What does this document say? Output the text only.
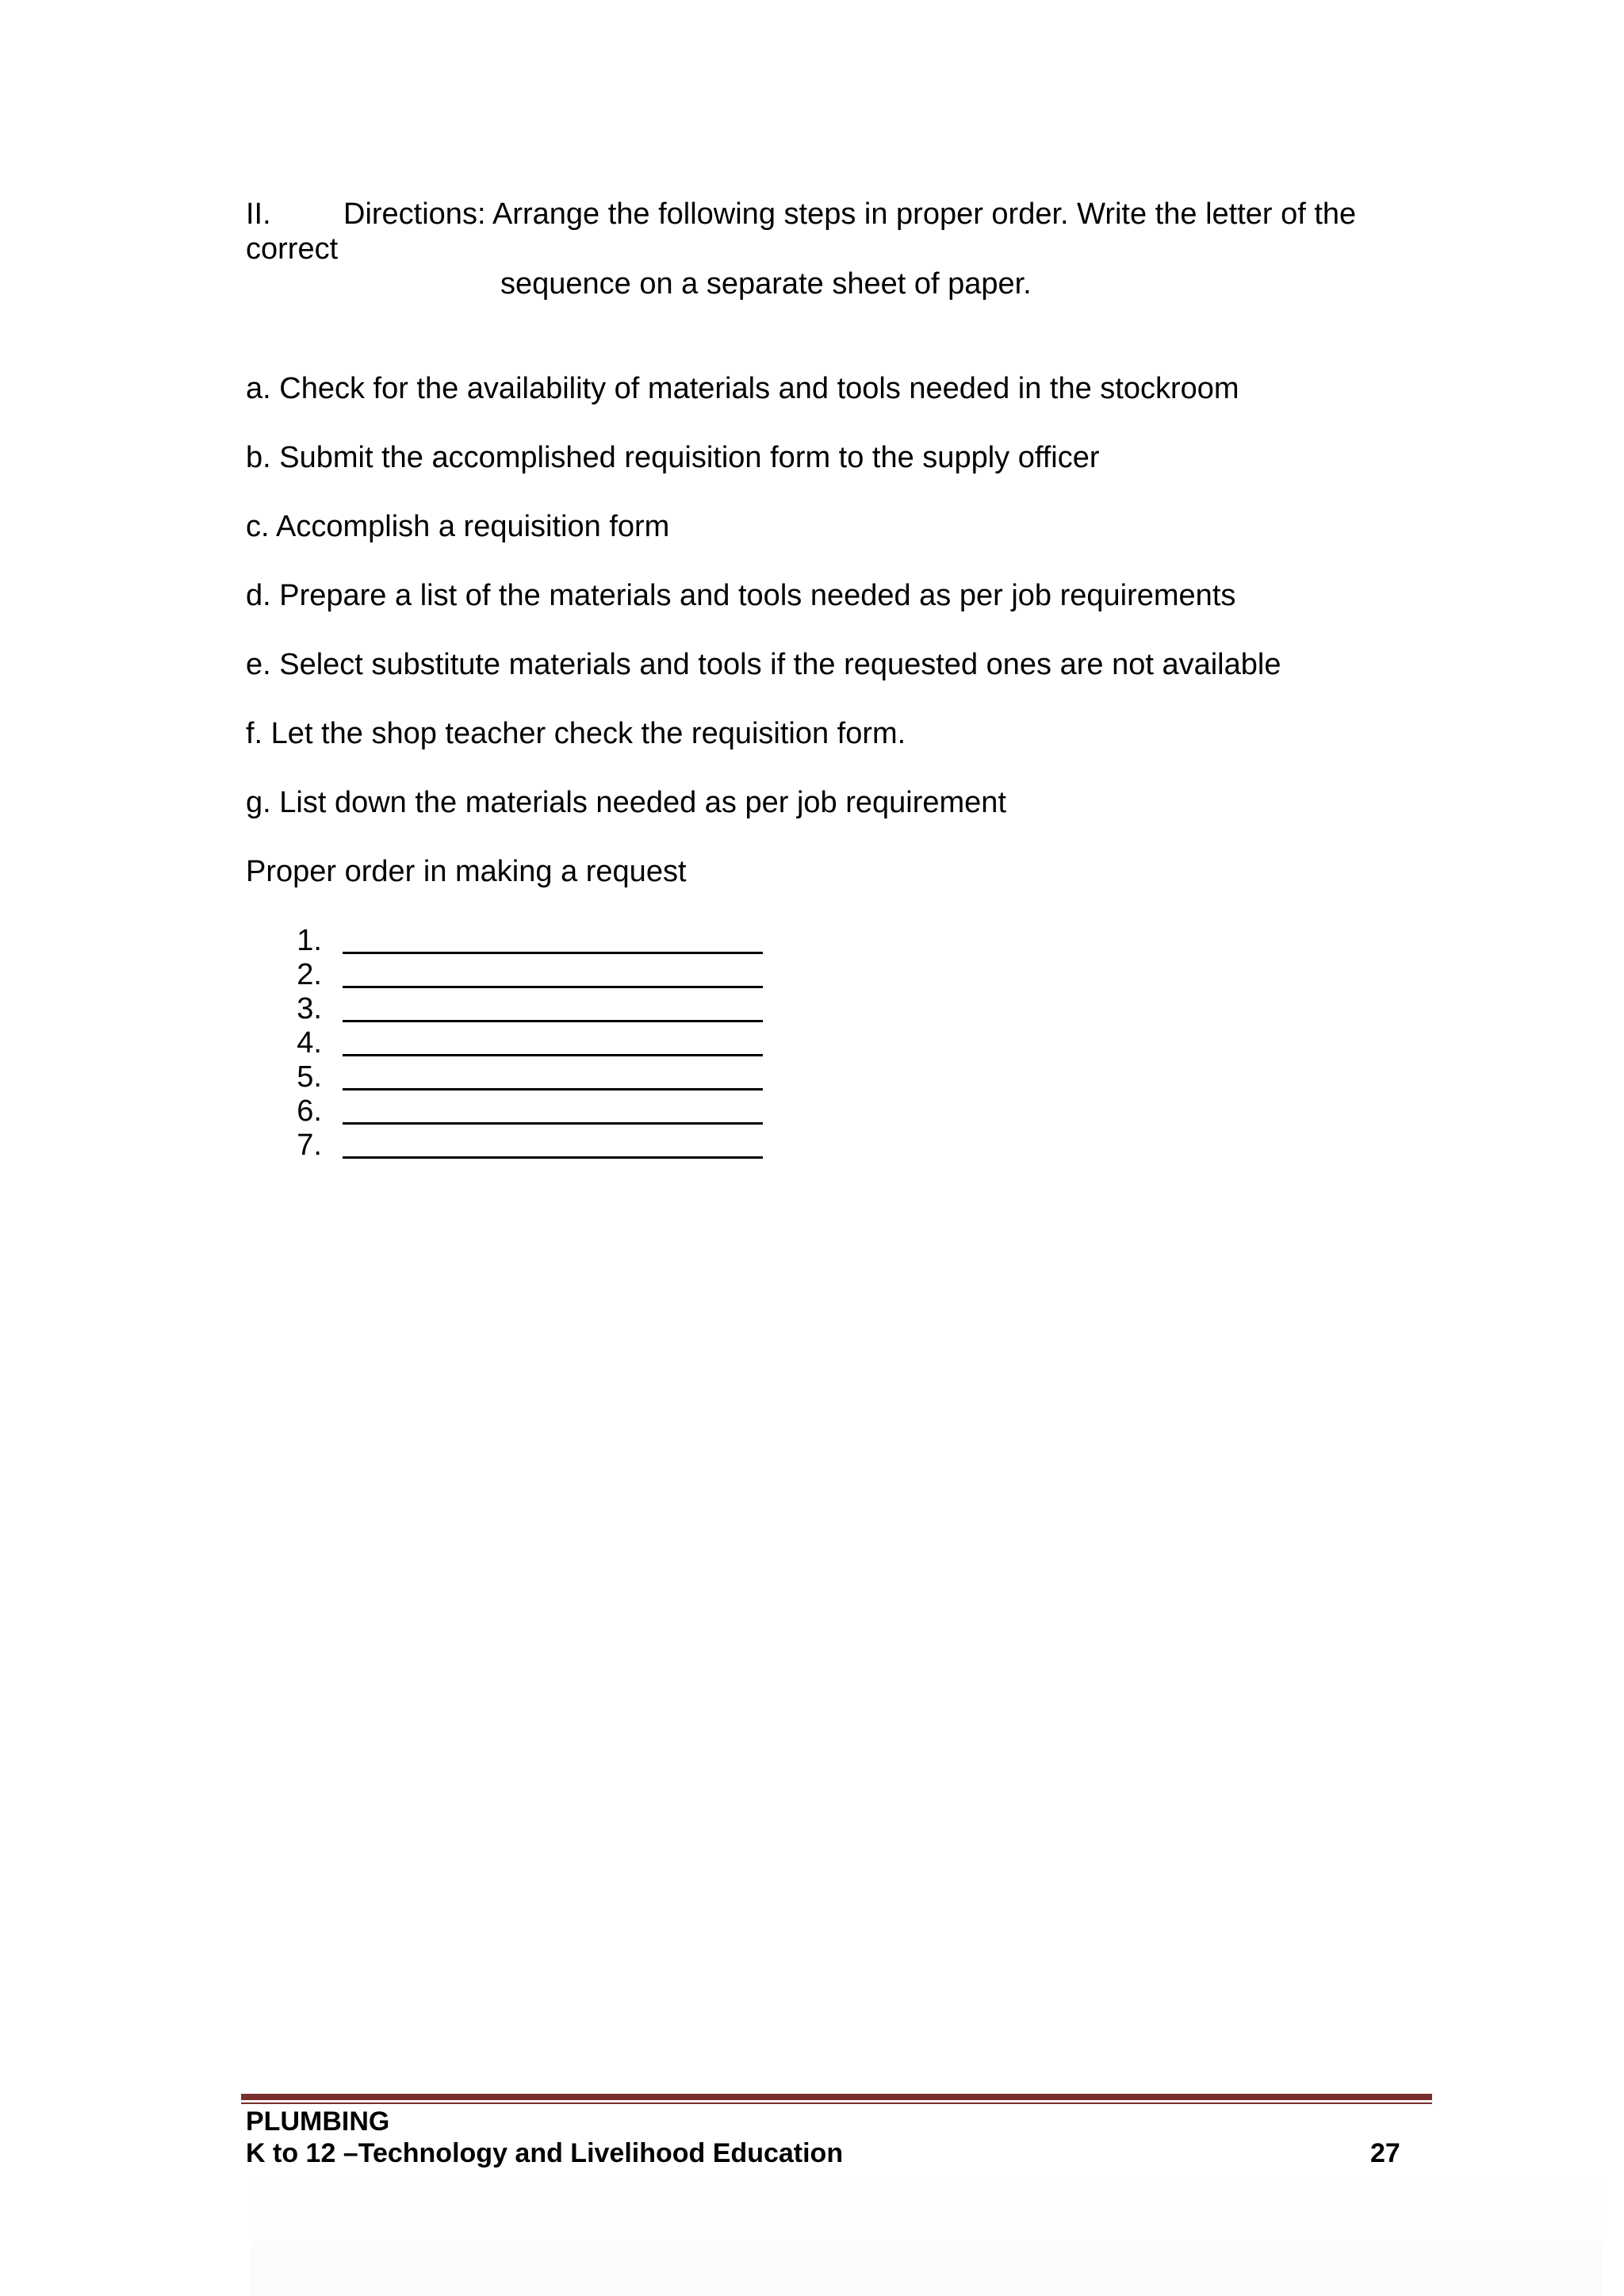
II. Directions: Arrange the following steps in proper order. Write the letter of the
correct
sequence on a separate sheet of paper.
a. Check for the availability of materials and tools needed in the stockroom
b. Submit the accomplished requisition form to the supply officer
c. Accomplish a requisition form
d. Prepare a list of the materials and tools needed as per job requirements
e. Select substitute materials and tools if the requested ones are not available
f. Let the shop teacher check the requisition form.
g. List down the materials needed as per job requirement
Proper order in making a request
1.
2.
3.
4.
5.
6.
7.
PLUMBING
K to 12 –Technology and Livelihood Education	27
